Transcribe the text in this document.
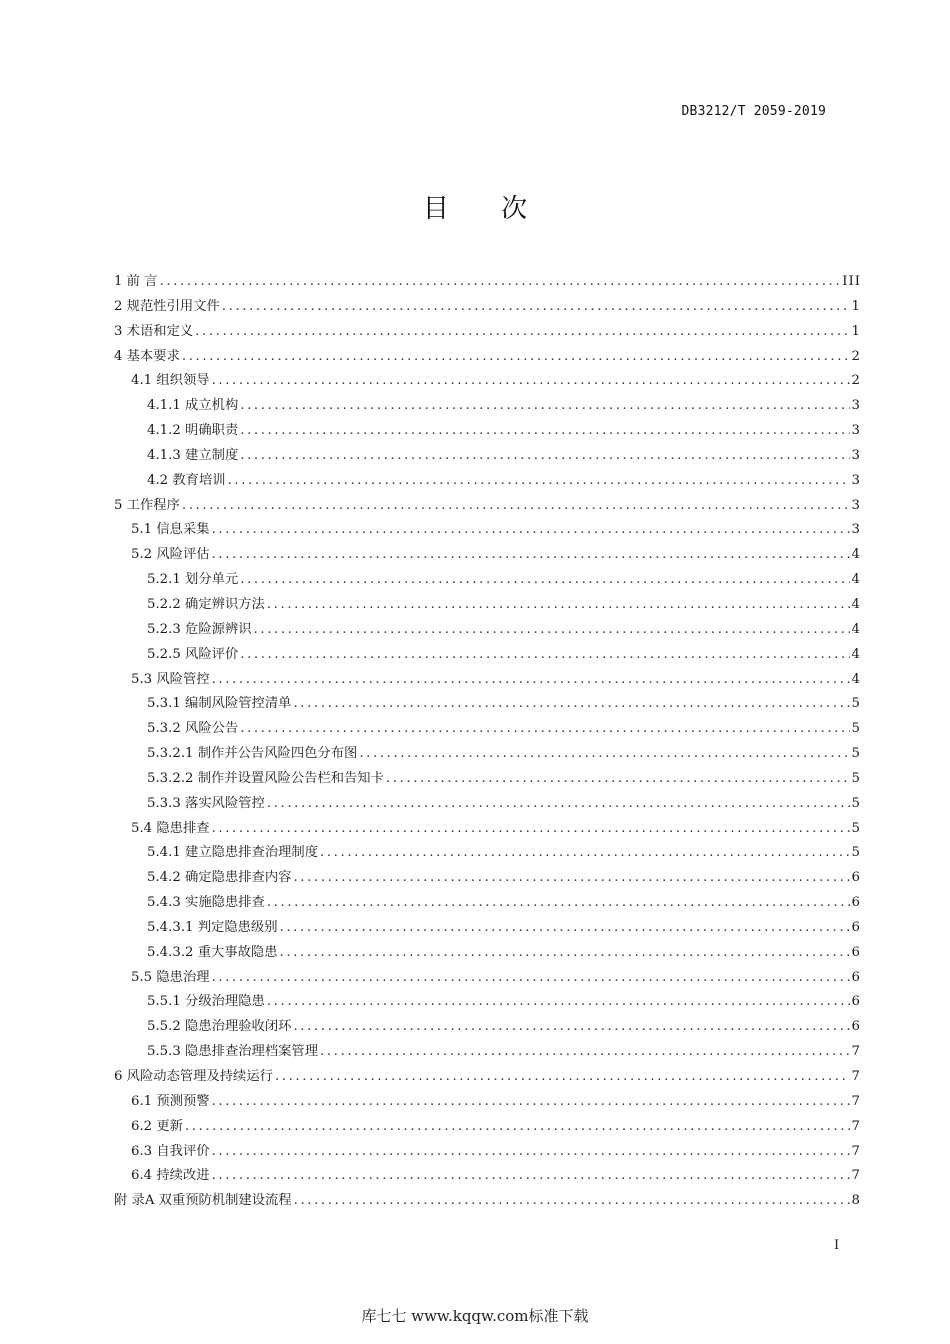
DB3212/T 2059-2019
目 次
1 前 言 .....	III
2 规范性引用文件 .....	1
3 术语和定义 .....	1
4 基本要求 .....	2
4.1 组织领导 .....	2
4.1.1 成立机构 .....	3
4.1.2 明确职责 .....	3
4.1.3 建立制度 .....	3
4.2 教育培训 .....	3
5 工作程序 .....	3
5.1 信息采集 .....	3
5.2 风险评估 .....	4
5.2.1 划分单元 .....	4
5.2.2 确定辨识方法 .....	4
5.2.3 危险源辨识 .....	4
5.2.5 风险评价 .....	4
5.3 风险管控 .....	4
5.3.1 编制风险管控清单 .....	5
5.3.2 风险公告 .....	5
5.3.2.1 制作并公告风险四色分布图 .....	5
5.3.2.2 制作并设置风险公告栏和告知卡 .....	5
5.3.3 落实风险管控 .....	5
5.4 隐患排查 .....	5
5.4.1 建立隐患排查治理制度 .....	5
5.4.2 确定隐患排查内容 .....	6
5.4.3 实施隐患排查 .....	6
5.4.3.1 判定隐患级别 .....	6
5.4.3.2 重大事故隐患 .....	6
5.5 隐患治理 .....	6
5.5.1 分级治理隐患 .....	6
5.5.2 隐患治理验收闭环 .....	6
5.5.3 隐患排查治理档案管理 .....	7
6 风险动态管理及持续运行 .....	7
6.1 预测预警 .....	7
6.2 更新 .....	7
6.3 自我评价 .....	7
6.4 持续改进 .....	7
附 录A 双重预防机制建设流程 .....	8
I
库七七 www.kqqw.com标准下载
